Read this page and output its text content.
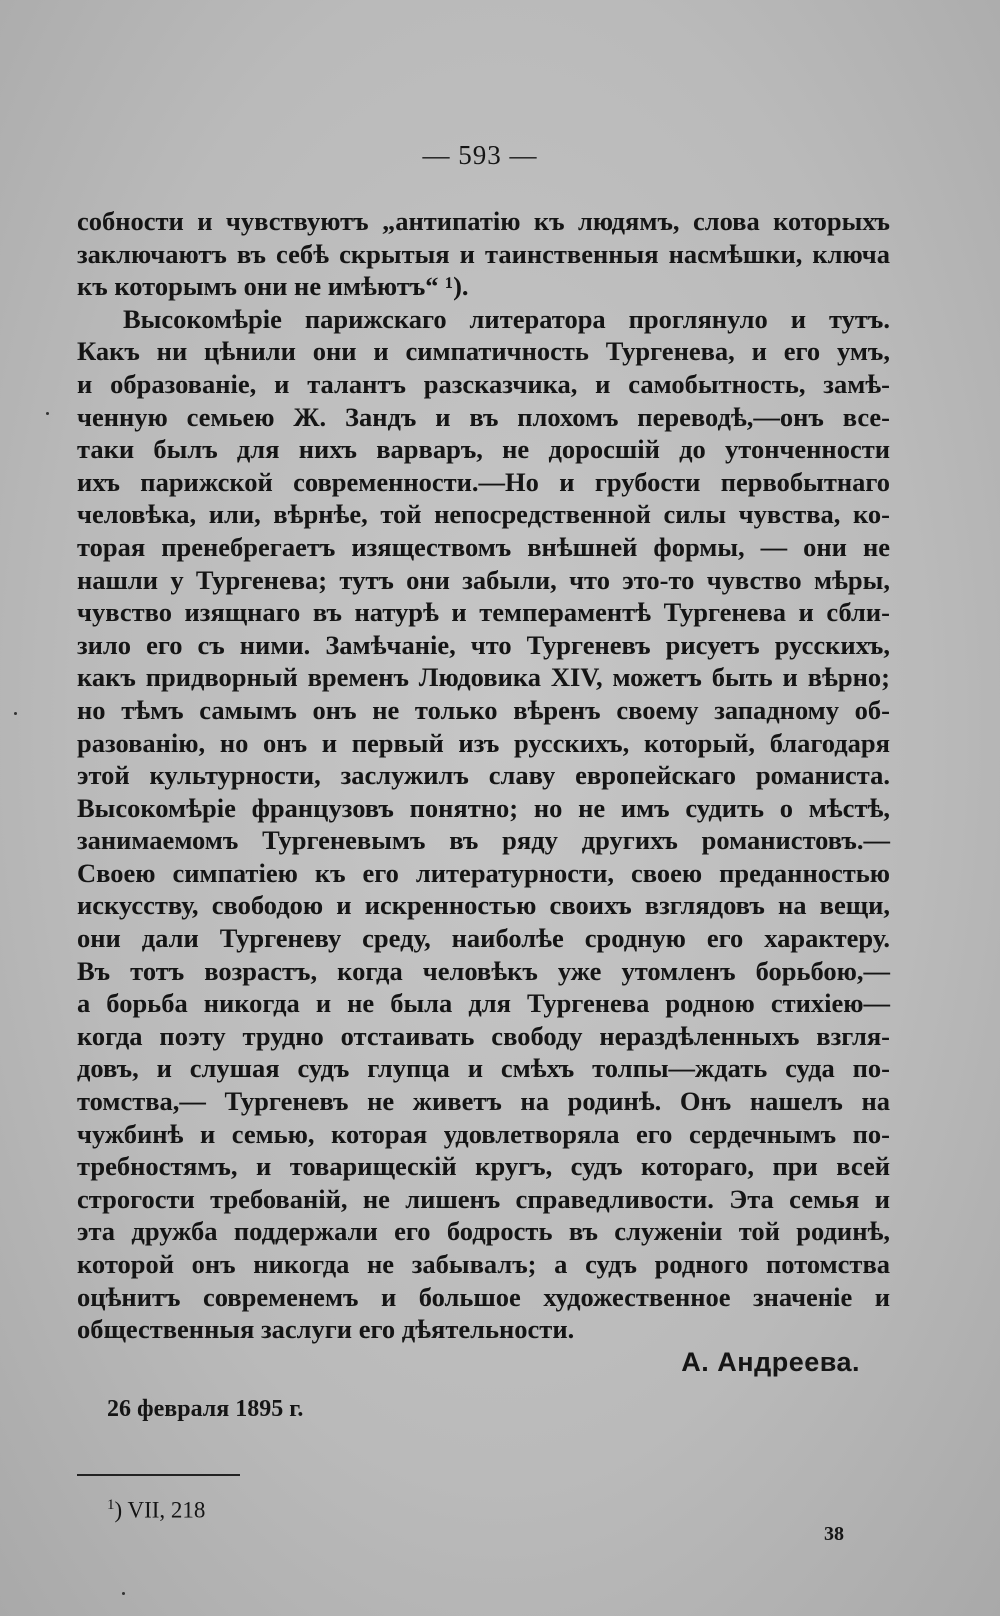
— 593 —
собности и чувствуютъ „антипатію къ людямъ, слова которыхъ
заключаютъ въ себѣ скрытыя и таинственныя насмѣшки, ключа
къ которымъ они не имѣютъ“ ¹).
Высокомѣріе парижскаго литератора проглянуло и тутъ.
Какъ ни цѣнили они и симпатичность Тургенева, и его умъ,
и образованіе, и талантъ разсказчика, и самобытность, замѣ-
ченную семьею Ж. Зандъ и въ плохомъ переводѣ,—онъ все-
таки былъ для нихъ варваръ, не доросшій до утонченности
ихъ парижской современности.—Но и грубости первобытнаго
человѣка, или, вѣрнѣе, той непосредственной силы чувства, ко-
торая пренебрегаетъ изяществомъ внѣшней формы, — они не
нашли у Тургенева; тутъ они забыли, что это-то чувство мѣры,
чувство изящнаго въ натурѣ и темпераментѣ Тургенева и сбли-
зило его съ ними. Замѣчаніе, что Тургеневъ рисуетъ русскихъ,
какъ придворный временъ Людовика XIV, можетъ быть и вѣрно;
но тѣмъ самымъ онъ не только вѣренъ своему западному об-
разованію, но онъ и первый изъ русскихъ, который, благодаря
этой культурности, заслужилъ славу европейскаго романиста.
Высокомѣріе французовъ понятно; но не имъ судить о мѣстѣ,
занимаемомъ Тургеневымъ въ ряду другихъ романистовъ.—
Своею симпатіею къ его литературности, своею преданностью
искусству, свободою и искренностью своихъ взглядовъ на вещи,
они дали Тургеневу среду, наиболѣе сродную его характеру.
Въ тотъ возрастъ, когда человѣкъ уже утомленъ борьбою,—
а борьба никогда и не была для Тургенева родною стихіею—
когда поэту трудно отстаивать свободу нераздѣленныхъ взгля-
довъ, и слушая судъ глупца и смѣхъ толпы—ждать суда по-
томства,— Тургеневъ не живетъ на родинѣ. Онъ нашелъ на
чужбинѣ и семью, которая удовлетворяла его сердечнымъ по-
требностямъ, и товарищескій кругъ, судъ котораго, при всей
строгости требованій, не лишенъ справедливости. Эта семья и
эта дружба поддержали его бодрость въ служеніи той родинѣ,
которой онъ никогда не забывалъ; а судъ родного потомства
оцѣнитъ современемъ и большое художественное значеніе и
общественныя заслуги его дѣятельности.
А. Андреева.
26 февраля 1895 г.
$^1$) VII, 218
38
